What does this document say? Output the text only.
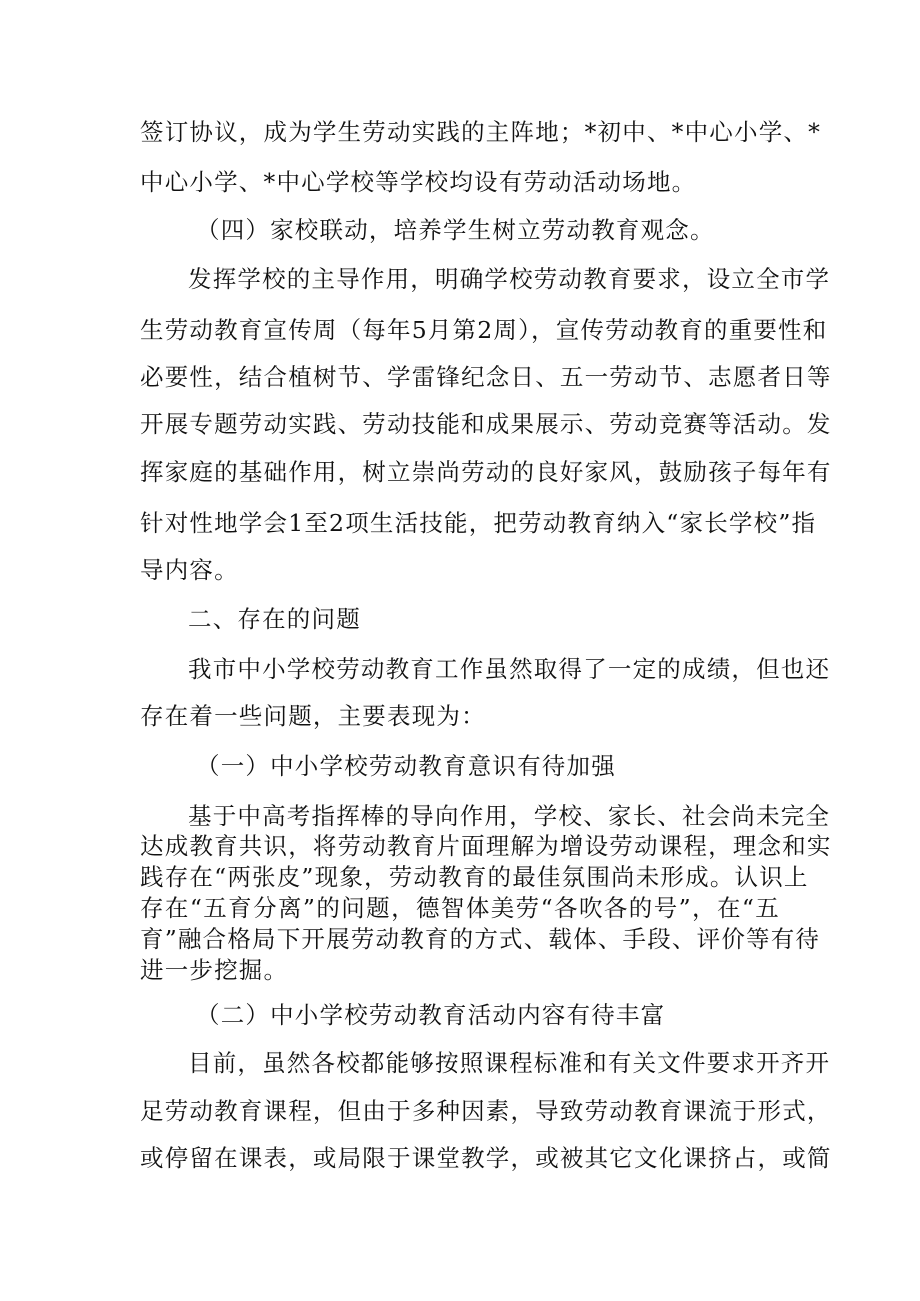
签订协议，成为学生劳动实践的主阵地；*初中、*中心小学、*
中心小学、*中心学校等学校均设有劳动活动场地。
（四）家校联动，培养学生树立劳动教育观念。
发挥学校的主导作用，明确学校劳动教育要求，设立全市学
生劳动教育宣传周（每年5月第2周），宣传劳动教育的重要性和
必要性，结合植树节、学雷锋纪念日、五一劳动节、志愿者日等
开展专题劳动实践、劳动技能和成果展示、劳动竞赛等活动。发
挥家庭的基础作用，树立崇尚劳动的良好家风，鼓励孩子每年有
针对性地学会1至2项生活技能，把劳动教育纳入“家长学校”指
导内容。
二、存在的问题
我市中小学校劳动教育工作虽然取得了一定的成绩，但也还
存在着一些问题，主要表现为：
（一）中小学校劳动教育意识有待加强
基于中高考指挥棒的导向作用，学校、家长、社会尚未完全
达成教育共识，将劳动教育片面理解为增设劳动课程，理念和实
践存在“两张皮”现象，劳动教育的最佳氛围尚未形成。认识上
存在“五育分离”的问题，德智体美劳“各吹各的号”，在“五
育”融合格局下开展劳动教育的方式、载体、手段、评价等有待
进一步挖掘。
（二）中小学校劳动教育活动内容有待丰富
目前，虽然各校都能够按照课程标准和有关文件要求开齐开
足劳动教育课程，但由于多种因素，导致劳动教育课流于形式，
或停留在课表，或局限于课堂教学，或被其它文化课挤占，或简
